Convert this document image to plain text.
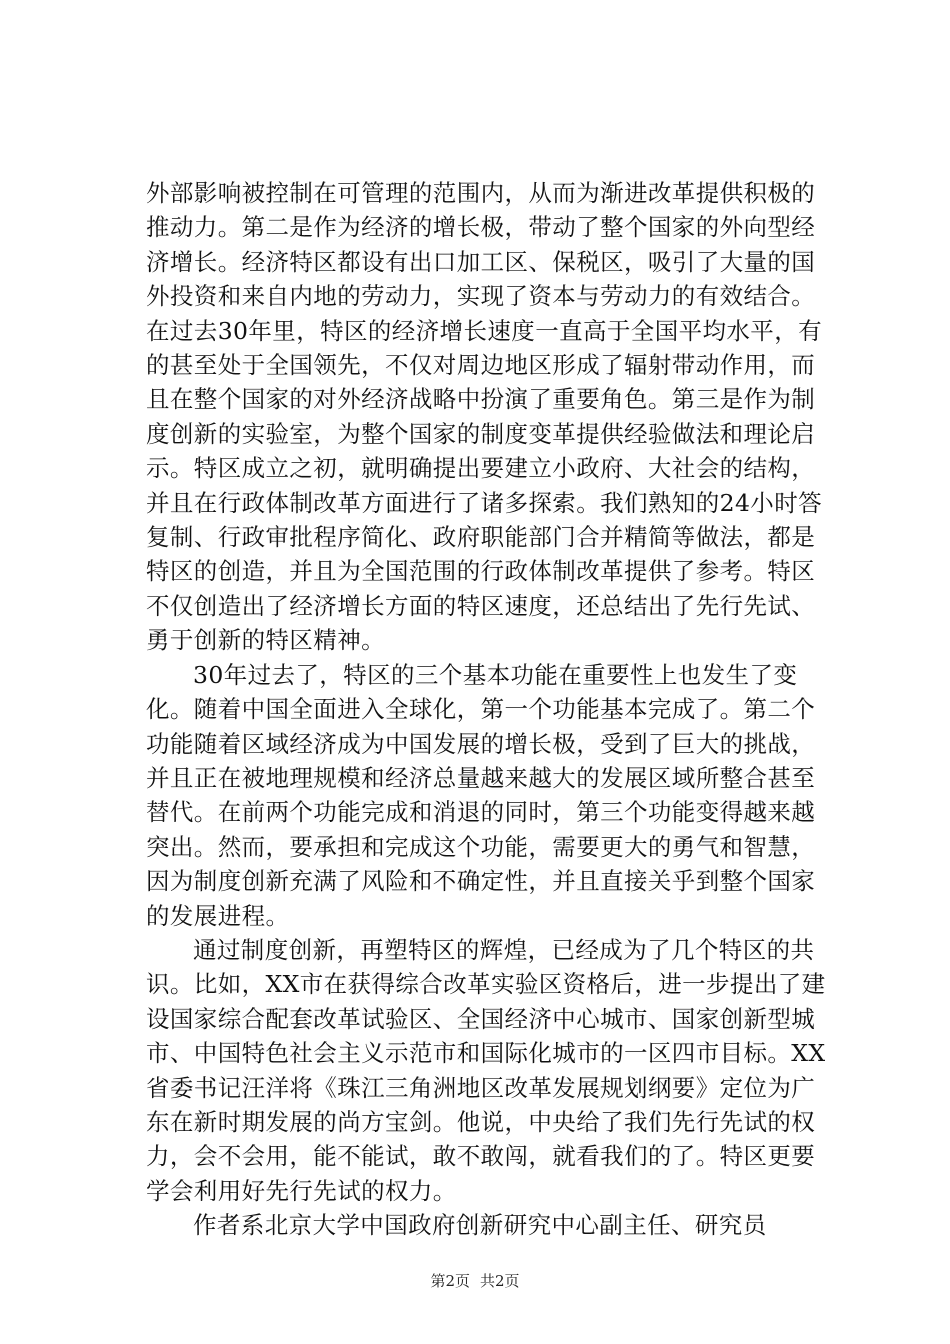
外部影响被控制在可管理的范围内，从而为渐进改革提供积极的推动力。第二是作为经济的增长极，带动了整个国家的外向型经济增长。经济特区都设有出口加工区、保税区，吸引了大量的国外投资和来自内地的劳动力，实现了资本与劳动力的有效结合。在过去30年里，特区的经济增长速度一直高于全国平均水平，有的甚至处于全国领先，不仅对周边地区形成了辐射带动作用，而且在整个国家的对外经济战略中扮演了重要角色。第三是作为制度创新的实验室，为整个国家的制度变革提供经验做法和理论启示。特区成立之初，就明确提出要建立小政府、大社会的结构，并且在行政体制改革方面进行了诸多探索。我们熟知的24小时答复制、行政审批程序简化、政府职能部门合并精简等做法，都是特区的创造，并且为全国范围的行政体制改革提供了参考。特区不仅创造出了经济增长方面的特区速度，还总结出了先行先试、勇于创新的特区精神。

30年过去了，特区的三个基本功能在重要性上也发生了变化。随着中国全面进入全球化，第一个功能基本完成了。第二个功能随着区域经济成为中国发展的增长极，受到了巨大的挑战，并且正在被地理规模和经济总量越来越大的发展区域所整合甚至替代。在前两个功能完成和消退的同时，第三个功能变得越来越突出。然而，要承担和完成这个功能，需要更大的勇气和智慧，因为制度创新充满了风险和不确定性，并且直接关乎到整个国家的发展进程。

通过制度创新，再塑特区的辉煌，已经成为了几个特区的共识。比如，XX市在获得综合改革实验区资格后，进一步提出了建设国家综合配套改革试验区、全国经济中心城市、国家创新型城市、中国特色社会主义示范市和国际化城市的一区四市目标。XX省委书记汪洋将《珠江三角洲地区改革发展规划纲要》定位为广东在新时期发展的尚方宝剑。他说，中央给了我们先行先试的权力，会不会用，能不能试，敢不敢闯，就看我们的了。特区更要学会利用好先行先试的权力。

作者系北京大学中国政府创新研究中心副主任、研究员

第2页 共2页
